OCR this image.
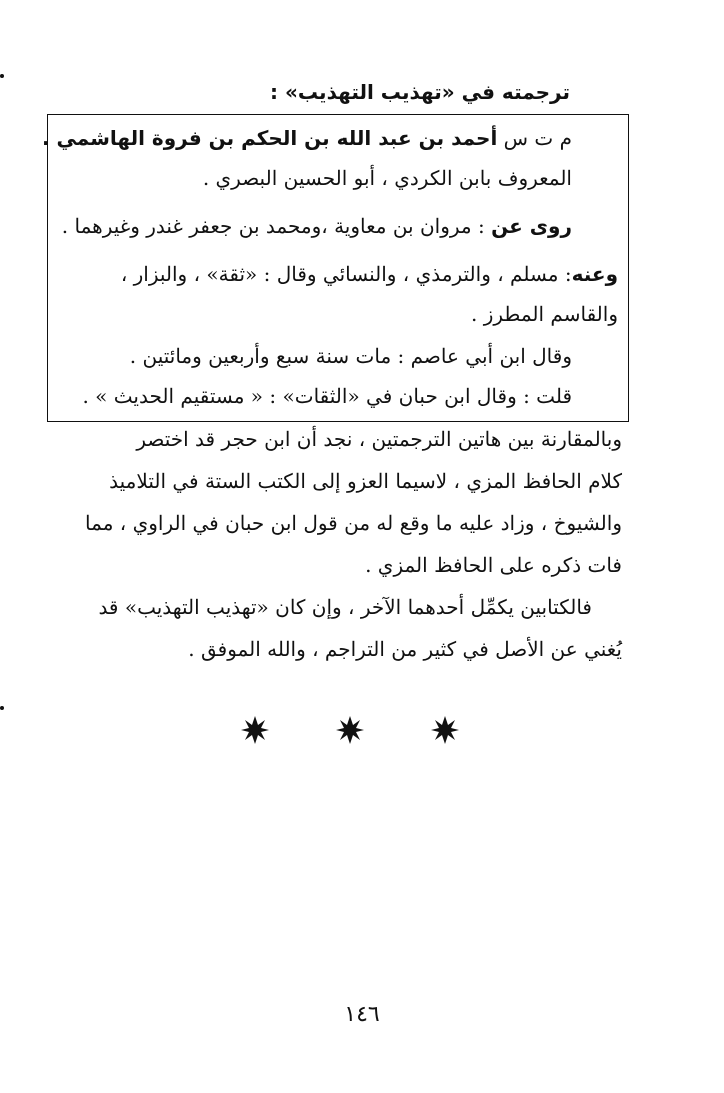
ترجمته في «تهذيب التهذيب» :
م ت س أحمد بن عبد الله بن الحكم بن فروة الهاشمي .
المعروف بابن الكردي ، أبو الحسين البصري .
روى عن : مروان بن معاوية ،ومحمد بن جعفر غندر وغيرهما .
وعنه: مسلم ، والترمذي ، والنسائي وقال : «ثقة» ، والبزار ،
والقاسم المطرز .
وقال ابن أبي عاصم : مات سنة سبع وأربعين ومائتين .
قلت : وقال ابن حبان في «الثقات» : « مستقيم الحديث » .
وبالمقارنة بين هاتين الترجمتين ، نجد أن ابن حجر قد اختصر
كلام الحافظ المزي ، لاسيما العزو إلى الكتب الستة في التلاميذ
والشيوخ ، وزاد عليه ما وقع له من قول ابن حبان في الراوي ، مما
فات ذكره على الحافظ المزي .
فالكتابين يكمِّل أحدهما الآخر ، وإن كان «تهذيب التهذيب» قد
يُغني عن الأصل في كثير من التراجم ، والله الموفق .
١٤٦
